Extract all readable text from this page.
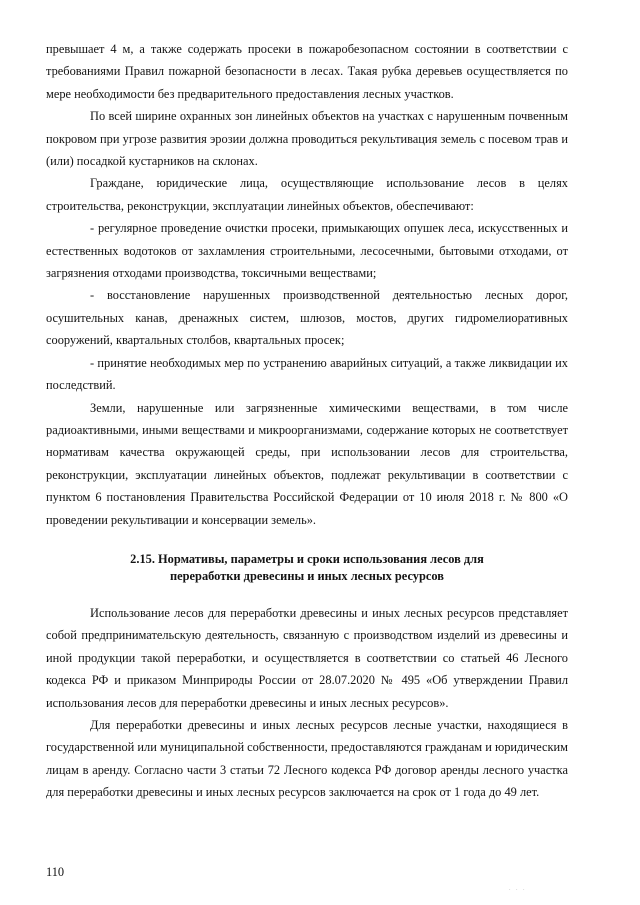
превышает 4 м, а также содержать просеки в пожаробезопасном состоянии в соответствии с требованиями Правил пожарной безопасности в лесах. Такая рубка деревьев осуществляется по мере необходимости без предварительного предоставления лесных участков.

По всей ширине охранных зон линейных объектов на участках с нарушенным почвенным покровом при угрозе развития эрозии должна проводиться рекультивация земель с посевом трав и (или) посадкой кустарников на склонах.

Граждане, юридические лица, осуществляющие использование лесов в целях строительства, реконструкции, эксплуатации линейных объектов, обеспечивают:

- регулярное проведение очистки просеки, примыкающих опушек леса, искусственных и естественных водотоков от захламления строительными, лесосечными, бытовыми отходами, от загрязнения отходами производства, токсичными веществами;

- восстановление нарушенных производственной деятельностью лесных дорог, осушительных канав, дренажных систем, шлюзов, мостов, других гидромелиоративных сооружений, квартальных столбов, квартальных просек;

- принятие необходимых мер по устранению аварийных ситуаций, а также ликвидации их последствий.

Земли, нарушенные или загрязненные химическими веществами, в том числе радиоактивными, иными веществами и микроорганизмами, содержание которых не соответствует нормативам качества окружающей среды, при использовании лесов для строительства, реконструкции, эксплуатации линейных объектов, подлежат рекультивации в соответствии с пунктом 6 постановления Правительства Российской Федерации от 10 июля 2018 г. № 800 «О проведении рекультивации и консервации земель».

2.15. Нормативы, параметры и сроки использования лесов для
переработки древесины и иных лесных ресурсов

Использование лесов для переработки древесины и иных лесных ресурсов представляет собой предпринимательскую деятельность, связанную с производством изделий из древесины и иной продукции такой переработки, и осуществляется в соответствии со статьей 46 Лесного кодекса РФ и приказом Минприроды России от 28.07.2020 № 495 «Об утверждении Правил использования лесов для переработки древесины и иных лесных ресурсов».

Для переработки древесины и иных лесных ресурсов лесные участки, находящиеся в государственной или муниципальной собственности, предоставляются гражданам и юридическим лицам в аренду. Согласно части 3 статьи 72 Лесного кодекса РФ договор аренды лесного участка для переработки древесины и иных лесных ресурсов заключается на срок от 1 года до 49 лет.

110
. . .
